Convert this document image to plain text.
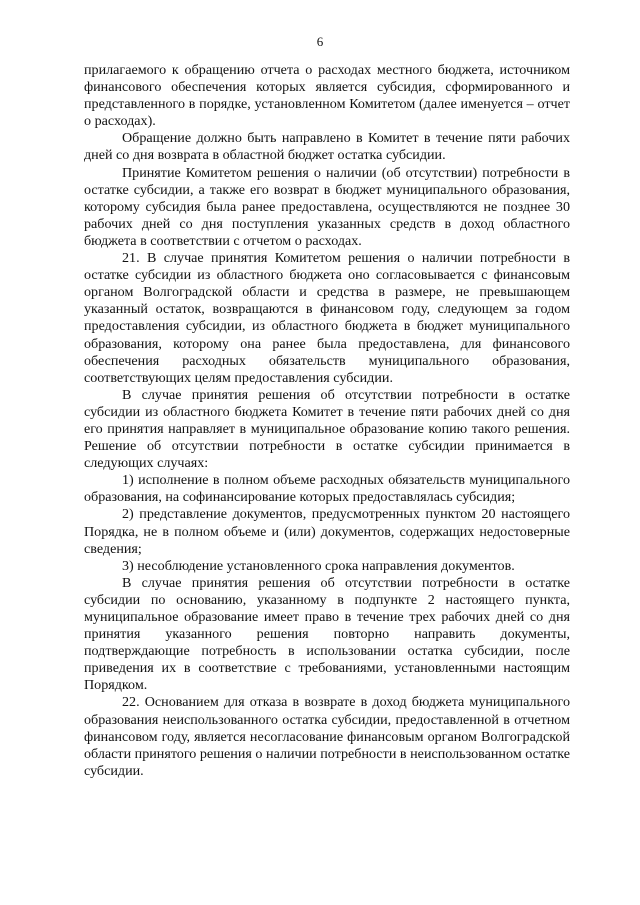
6

прилагаемого к обращению отчета о расходах местного бюджета, источником финансового обеспечения которых является субсидия, сформированного и представленного в порядке, установленном Комитетом (далее именуется – отчет о расходах).

Обращение должно быть направлено в Комитет в течение пяти рабочих дней со дня возврата в областной бюджет остатка субсидии.

Принятие Комитетом решения о наличии (об отсутствии) потребности в остатке субсидии, а также его возврат в бюджет муниципального образования, которому субсидия была ранее предоставлена, осуществляются не позднее 30 рабочих дней со дня поступления указанных средств в доход областного бюджета в соответствии с отчетом о расходах.

21. В случае принятия Комитетом решения о наличии потребности в остатке субсидии из областного бюджета оно согласовывается с финансовым органом Волгоградской области и средства в размере, не превышающем указанный остаток, возвращаются в финансовом году, следующем за годом предоставления субсидии, из областного бюджета в бюджет муниципального образования, которому она ранее была предоставлена, для финансового обеспечения расходных обязательств муниципального образования, соответствующих целям предоставления субсидии.

В случае принятия решения об отсутствии потребности в остатке субсидии из областного бюджета Комитет в течение пяти рабочих дней со дня его принятия направляет в муниципальное образование копию такого решения. Решение об отсутствии потребности в остатке субсидии принимается в следующих случаях:

1) исполнение в полном объеме расходных обязательств муниципального образования, на софинансирование которых предоставлялась субсидия;

2) представление документов, предусмотренных пунктом 20 настоящего Порядка, не в полном объеме и (или) документов, содержащих недостоверные сведения;

3) несоблюдение установленного срока направления документов.

В случае принятия решения об отсутствии потребности в остатке субсидии по основанию, указанному в подпункте 2 настоящего пункта, муниципальное образование имеет право в течение трех рабочих дней со дня принятия указанного решения повторно направить документы, подтверждающие потребность в использовании остатка субсидии, после приведения их в соответствие с требованиями, установленными настоящим Порядком.

22. Основанием для отказа в возврате в доход бюджета муниципального образования неиспользованного остатка субсидии, предоставленной в отчетном финансовом году, является несогласование финансовым органом Волгоградской области принятого решения о наличии потребности в неиспользованном остатке субсидии.
